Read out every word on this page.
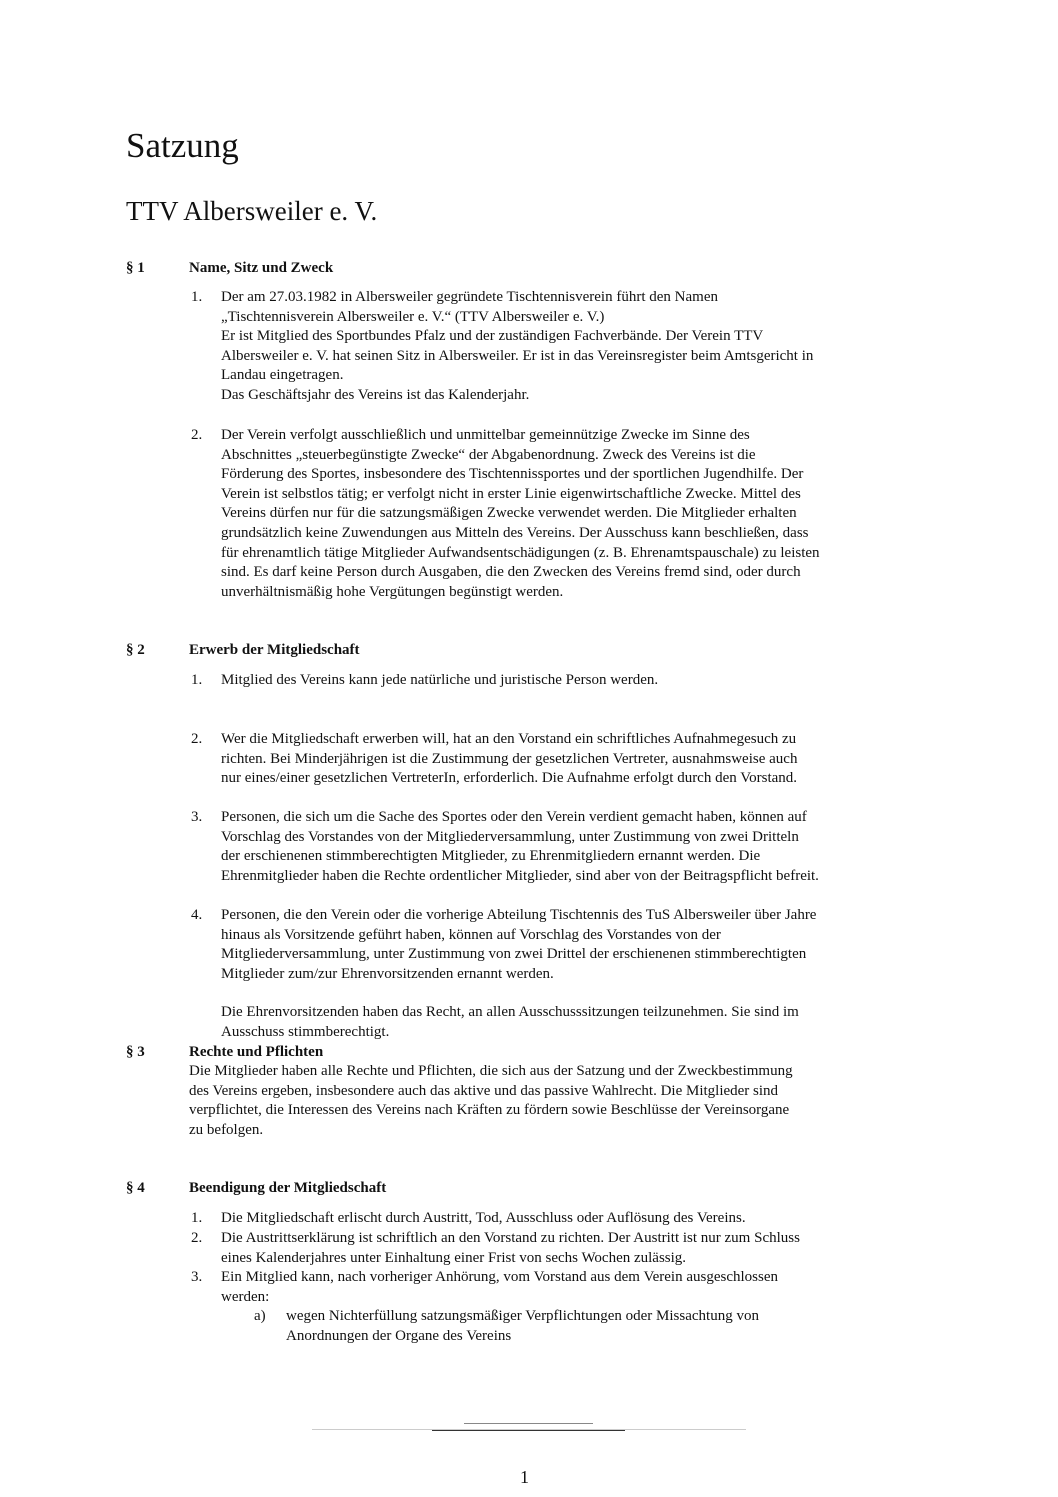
Satzung
TTV Albersweiler e. V.
§ 1	Name, Sitz und Zweck
1. Der am 27.03.1982 in Albersweiler gegründete Tischtennisverein führt den Namen
„Tischtennisverein Albersweiler e. V.“ (TTV Albersweiler e. V.)
Er ist Mitglied des Sportbundes Pfalz und der zuständigen Fachverbände. Der Verein TTV
Albersweiler e. V. hat seinen Sitz in Albersweiler. Er ist in das Vereinsregister beim Amtsgericht in
Landau eingetragen.
Das Geschäftsjahr des Vereins ist das Kalenderjahr.
2. Der Verein verfolgt ausschließlich und unmittelbar gemeinnützige Zwecke im Sinne des
Abschnittes „steuerbegünstigte Zwecke“ der Abgabenordnung. Zweck des Vereins ist die
Förderung des Sportes, insbesondere des Tischtennissportes und der sportlichen Jugendhilfe. Der
Verein ist selbstlos tätig; er verfolgt nicht in erster Linie eigenwirtschaftliche Zwecke. Mittel des
Vereins dürfen nur für die satzungsmäßigen Zwecke verwendet werden. Die Mitglieder erhalten
grundsätzlich keine Zuwendungen aus Mitteln des Vereins. Der Ausschuss kann beschließen, dass
für ehrenamtlich tätige Mitglieder Aufwandsentschädigungen (z. B. Ehrenamtspauschale) zu leisten
sind. Es darf keine Person durch Ausgaben, die den Zwecken des Vereins fremd sind, oder durch
unverhältnismäßig hohe Vergütungen begünstigt werden.
§ 2	Erwerb der Mitgliedschaft
1. Mitglied des Vereins kann jede natürliche und juristische Person werden.
2. Wer die Mitgliedschaft erwerben will, hat an den Vorstand ein schriftliches Aufnahmegesuch zu
richten. Bei Minderjährigen ist die Zustimmung der gesetzlichen Vertreter, ausnahmsweise auch
nur eines/einer gesetzlichen VertreterIn, erforderlich. Die Aufnahme erfolgt durch den Vorstand.
3. Personen, die sich um die Sache des Sportes oder den Verein verdient gemacht haben, können auf
Vorschlag des Vorstandes von der Mitgliederversammlung, unter Zustimmung von zwei Dritteln
der erschienenen stimmberechtigten Mitglieder, zu Ehrenmitgliedern ernannt werden. Die
Ehrenmitglieder haben die Rechte ordentlicher Mitglieder, sind aber von der Beitragspflicht befreit.
4. Personen, die den Verein oder die vorherige Abteilung Tischtennis des TuS Albersweiler über Jahre
hinaus als Vorsitzende geführt haben, können auf Vorschlag des Vorstandes von der
Mitgliederversammlung, unter Zustimmung von zwei Drittel der erschienenen stimmberechtigten
Mitglieder zum/zur Ehrenvorsitzenden ernannt werden.
Die Ehrenvorsitzenden haben das Recht, an allen Ausschusssitzungen teilzunehmen. Sie sind im
Ausschuss stimmberechtigt.
§ 3	Rechte und Pflichten
Die Mitglieder haben alle Rechte und Pflichten, die sich aus der Satzung und der Zweckbestimmung
des Vereins ergeben, insbesondere auch das aktive und das passive Wahlrecht. Die Mitglieder sind
verpflichtet, die Interessen des Vereins nach Kräften zu fördern sowie Beschlüsse der Vereinsorgane
zu befolgen.
§ 4	Beendigung der Mitgliedschaft
1. Die Mitgliedschaft erlischt durch Austritt, Tod, Ausschluss oder Auflösung des Vereins.
2. Die Austrittserklärung ist schriftlich an den Vorstand zu richten. Der Austritt ist nur zum Schluss
eines Kalenderjahres unter Einhaltung einer Frist von sechs Wochen zulässig.
3. Ein Mitglied kann, nach vorheriger Anhörung, vom Vorstand aus dem Verein ausgeschlossen
werden:
a) wegen Nichterfüllung satzungsmäßiger Verpflichtungen oder Missachtung von
Anordnungen der Organe des Vereins
1
